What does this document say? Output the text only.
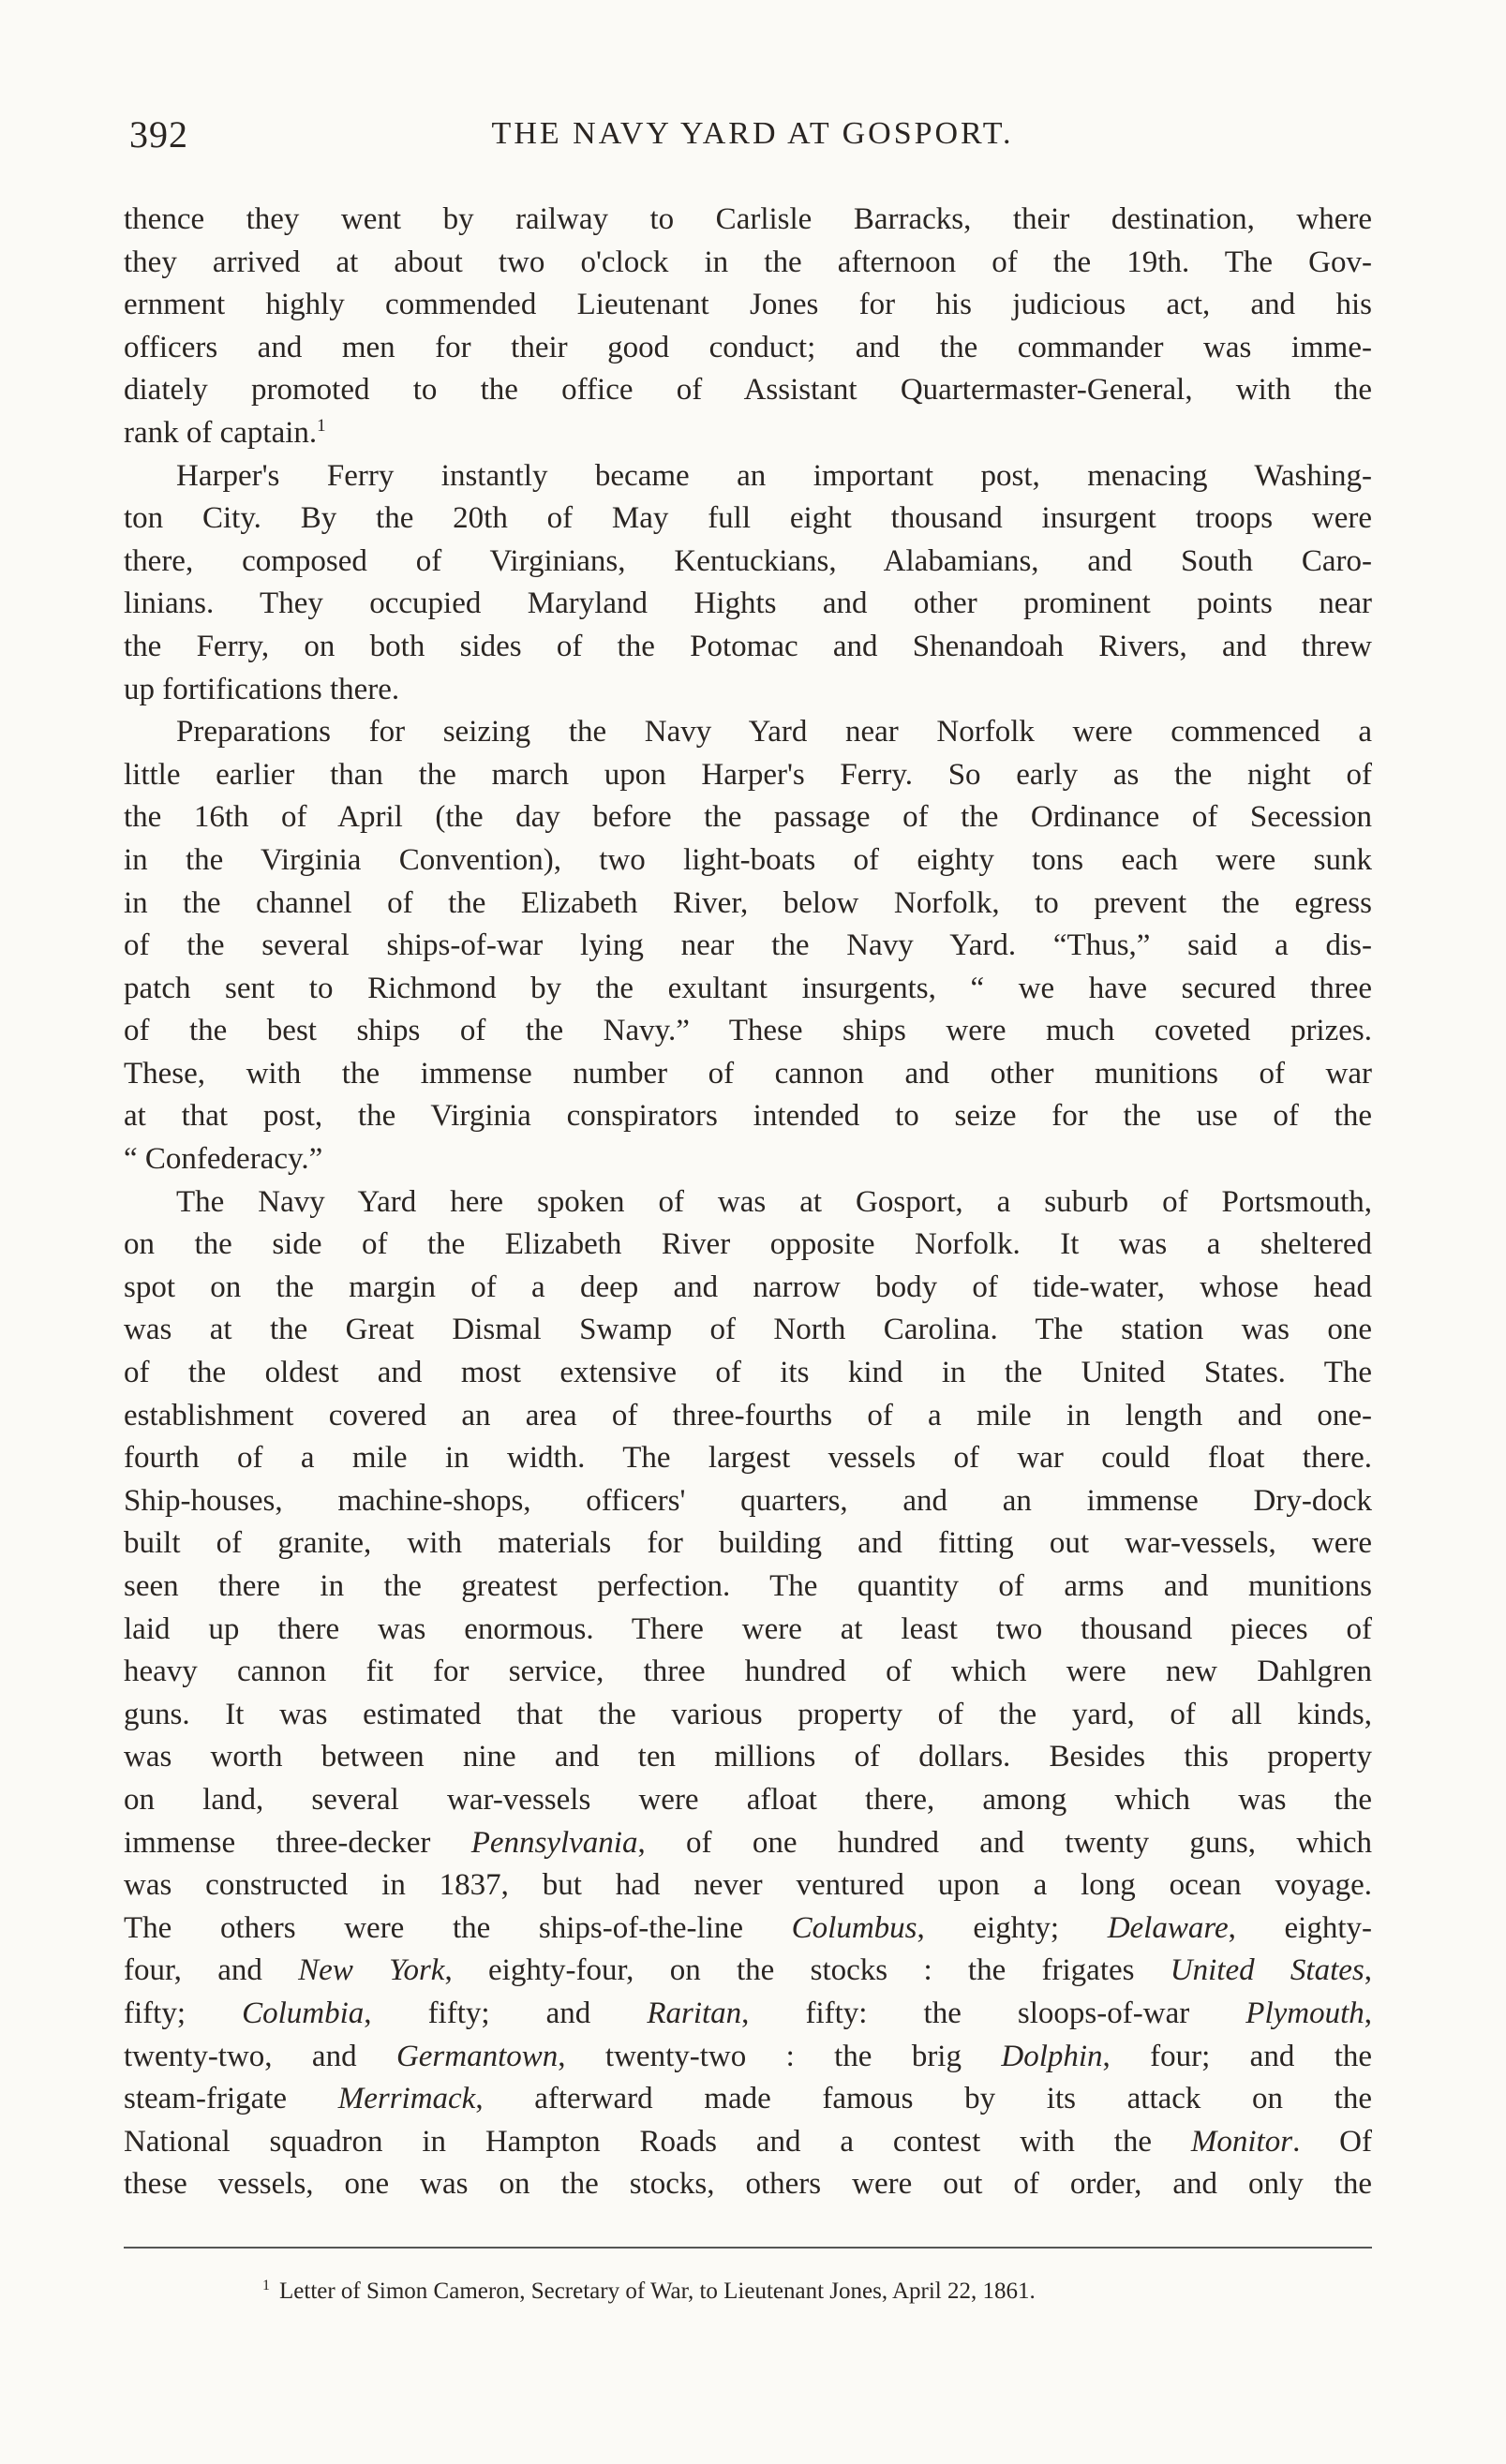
392	THE NAVY YARD AT GOSPORT.
thence they went by railway to Carlisle Barracks, their destination, where
they arrived at about two o'clock in the afternoon of the 19th. The Gov-
ernment highly commended Lieutenant Jones for his judicious act, and his
officers and men for their good conduct; and the commander was imme-
diately promoted to the office of Assistant Quartermaster-General, with the
rank of captain.$^1$
Harper's Ferry instantly became an important post, menacing Washing-
ton City. By the 20th of May full eight thousand insurgent troops were
there, composed of Virginians, Kentuckians, Alabamians, and South Caro-
linians. They occupied Maryland Hights and other prominent points near
the Ferry, on both sides of the Potomac and Shenandoah Rivers, and threw
up fortifications there.
Preparations for seizing the Navy Yard near Norfolk were commenced a
little earlier than the march upon Harper's Ferry. So early as the night of
the 16th of April (the day before the passage of the Ordinance of Secession
in the Virginia Convention), two light-boats of eighty tons each were sunk
in the channel of the Elizabeth River, below Norfolk, to prevent the egress
of the several ships-of-war lying near the Navy Yard. “Thus,” said a dis-
patch sent to Richmond by the exultant insurgents, “ we have secured three
of the best ships of the Navy.” These ships were much coveted prizes.
These, with the immense number of cannon and other munitions of war
at that post, the Virginia conspirators intended to seize for the use of the
“ Confederacy.”
The Navy Yard here spoken of was at Gosport, a suburb of Portsmouth,
on the side of the Elizabeth River opposite Norfolk. It was a sheltered
spot on the margin of a deep and narrow body of tide-water, whose head
was at the Great Dismal Swamp of North Carolina. The station was one
of the oldest and most extensive of its kind in the United States. The
establishment covered an area of three-fourths of a mile in length and one-
fourth of a mile in width. The largest vessels of war could float there.
Ship-houses, machine-shops, officers' quarters, and an immense Dry-dock
built of granite, with materials for building and fitting out war-vessels, were
seen there in the greatest perfection. The quantity of arms and munitions
laid up there was enormous. There were at least two thousand pieces of
heavy cannon fit for service, three hundred of which were new Dahlgren
guns. It was estimated that the various property of the yard, of all kinds,
was worth between nine and ten millions of dollars. Besides this property
on land, several war-vessels were afloat there, among which was the
immense three-decker Pennsylvania, of one hundred and twenty guns, which
was constructed in 1837, but had never ventured upon a long ocean voyage.
The others were the ships-of-the-line Columbus, eighty; Delaware, eighty-
four, and New York, eighty-four, on the stocks : the frigates United States,
fifty; Columbia, fifty; and Raritan, fifty: the sloops-of-war Plymouth,
twenty-two, and Germantown, twenty-two : the brig Dolphin, four; and the
steam-frigate Merrimack, afterward made famous by its attack on the
National squadron in Hampton Roads and a contest with the Monitor. Of
these vessels, one was on the stocks, others were out of order, and only the
$^1$ Letter of Simon Cameron, Secretary of War, to Lieutenant Jones, April 22, 1861.
